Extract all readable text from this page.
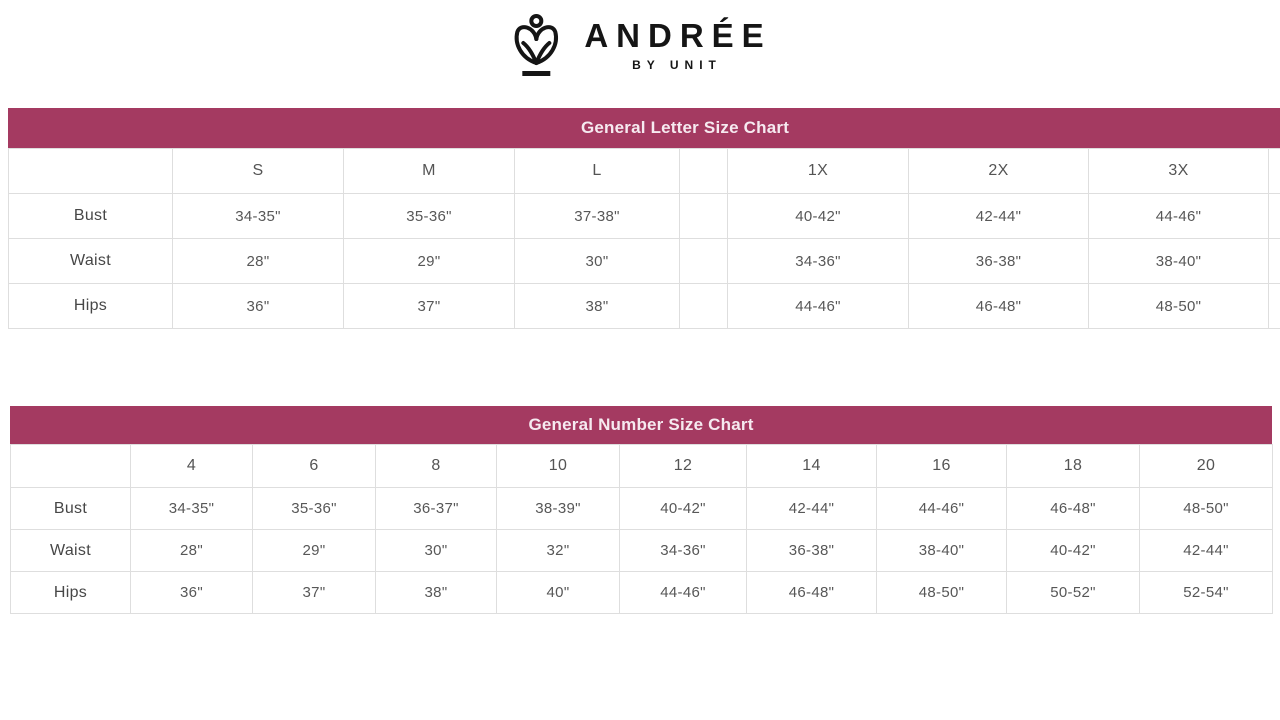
ANDRÉE
BY UNIT
General Letter Size Chart
	S	M	L		1X	2X	3X	
Bust	34-35"	35-36"	37-38"		40-42"	42-44"	44-46"	
Waist	28"	29"	30"		34-36"	36-38"	38-40"	
Hips	36"	37"	38"		44-46"	46-48"	48-50"	
General Number Size Chart
	4	6	8	10	12	14	16	18	20
Bust	34-35"	35-36"	36-37"	38-39"	40-42"	42-44"	44-46"	46-48"	48-50"
Waist	28"	29"	30"	32"	34-36"	36-38"	38-40"	40-42"	42-44"
Hips	36"	37"	38"	40"	44-46"	46-48"	48-50"	50-52"	52-54"
